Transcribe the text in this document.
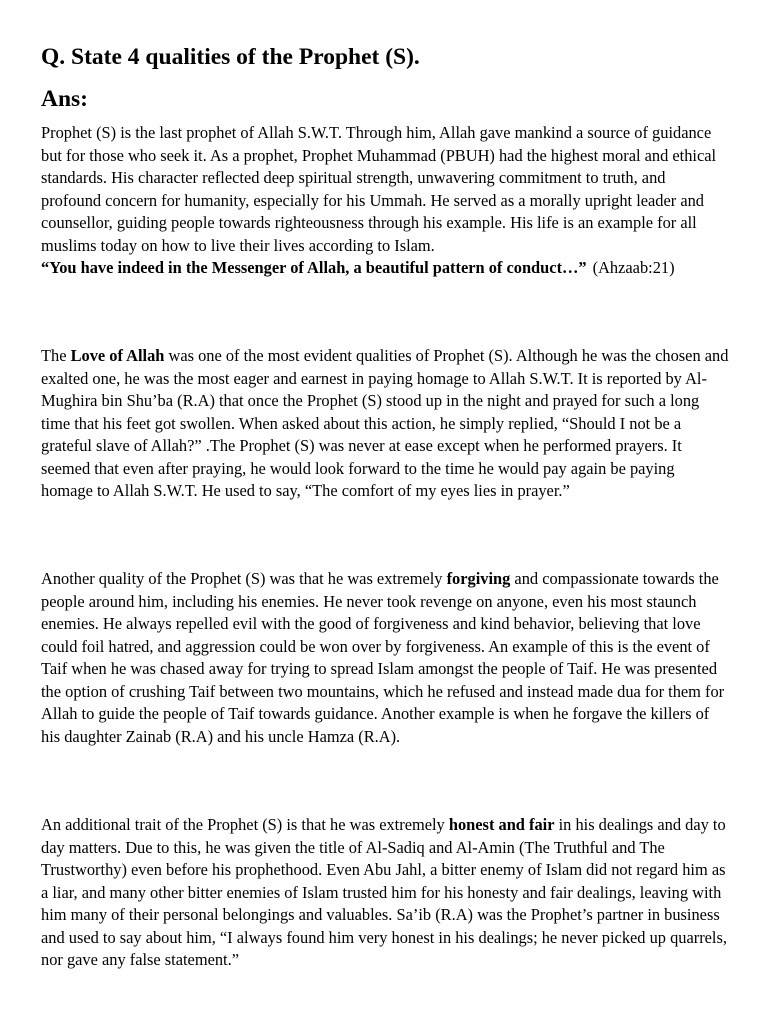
Q. State 4 qualities of the Prophet (S).
Ans:

Prophet (S) is the last prophet of Allah S.W.T. Through him, Allah gave mankind a source of guidance but for those who seek it. As a prophet, Prophet Muhammad (PBUH) had the highest moral and ethical standards. His character reflected deep spiritual strength, unwavering commitment to truth, and profound concern for humanity, especially for his Ummah. He served as a morally upright leader and counsellor, guiding people towards righteousness through his example. His life is an example for all muslims today on how to live their lives according to Islam.
“You have indeed in the Messenger of Allah, a beautiful pattern of conduct…” (Ahzaab:21)

The Love of Allah was one of the most evident qualities of Prophet (S). Although he was the chosen and exalted one, he was the most eager and earnest in paying homage to Allah S.W.T. It is reported by Al-Mughira bin Shu’ba (R.A) that once the Prophet (S) stood up in the night and prayed for such a long time that his feet got swollen. When asked about this action, he simply replied, “Should I not be a grateful slave of Allah?” .The Prophet (S) was never at ease except when he performed prayers. It seemed that even after praying, he would look forward to the time he would pay again be paying homage to Allah S.W.T. He used to say, “The comfort of my eyes lies in prayer.”

Another quality of the Prophet (S) was that he was extremely forgiving and compassionate towards the people around him, including his enemies. He never took revenge on anyone, even his most staunch enemies. He always repelled evil with the good of forgiveness and kind behavior, believing that love could foil hatred, and aggression could be won over by forgiveness. An example of this is the event of Taif when he was chased away for trying to spread Islam amongst the people of Taif. He was presented the option of crushing Taif between two mountains, which he refused and instead made dua for them for Allah to guide the people of Taif towards guidance. Another example is when he forgave the killers of his daughter Zainab (R.A) and his uncle Hamza (R.A).

An additional trait of the Prophet (S) is that he was extremely honest and fair in his dealings and day to day matters. Due to this, he was given the title of Al-Sadiq and Al-Amin (The Truthful and The Trustworthy) even before his prophethood. Even Abu Jahl, a bitter enemy of Islam did not regard him as a liar, and many other bitter enemies of Islam trusted him for his honesty and fair dealings, leaving with him many of their personal belongings and valuables. Sa’ib (R.A) was the Prophet’s partner in business and used to say about him, “I always found him very honest in his dealings; he never picked up quarrels, nor gave any false statement.”
